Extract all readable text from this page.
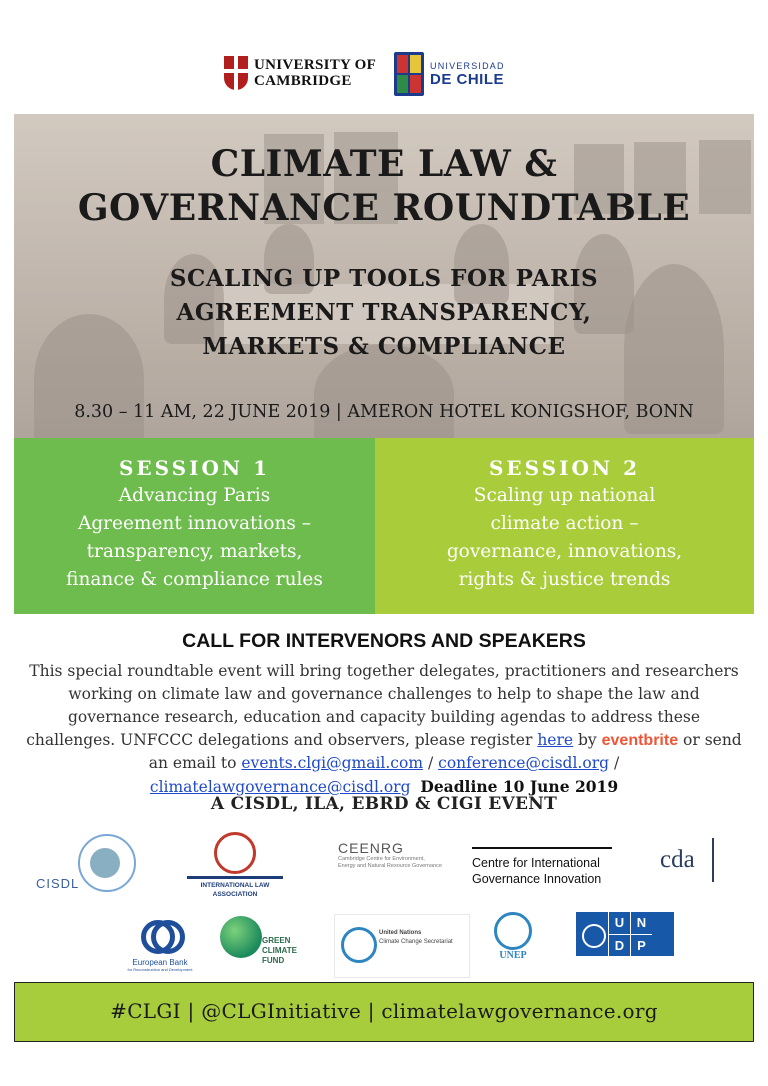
UNIVERSITY OF
CAMBRIDGE
UNIVERSIDAD
DE CHILE
CLIMATE LAW &
GOVERNANCE ROUNDTABLE
SCALING UP TOOLS FOR PARIS
AGREEMENT TRANSPARENCY,
MARKETS & COMPLIANCE
8.30 – 11 AM, 22 JUNE 2019 | AMERON HOTEL KONIGSHOF, BONN
SESSION 1
Advancing Paris
Agreement innovations –
transparency, markets,
finance & compliance rules
SESSION 2
Scaling up national
climate action –
governance, innovations,
rights & justice trends
CALL FOR INTERVENORS AND SPEAKERS
This special roundtable event will bring together delegates, practitioners and researchers working on climate law and governance challenges to help to shape the law and governance research, education and capacity building agendas to address these challenges. UNFCCC delegations and observers, please register here by eventbrite or send an email to events.clgi@gmail.com / conference@cisdl.org / climatelawgovernance@cisdl.org Deadline 10 June 2019
A CISDL, ILA, EBRD & CIGI EVENT
CISDL	INTERNATIONAL LAW
ASSOCIATION
CEENRG
Cambridge Centre for Environment,
Energy and Natural Resource Governance	Centre for International
Governance Innovation
cda
European Bank
for Reconstruction and Development
GREEN
CLIMATE
FUND
United Nations
Climate Change Secretariat
UNEP
U N
D P
#CLGI | @CLGInitiative | climatelawgovernance.org
